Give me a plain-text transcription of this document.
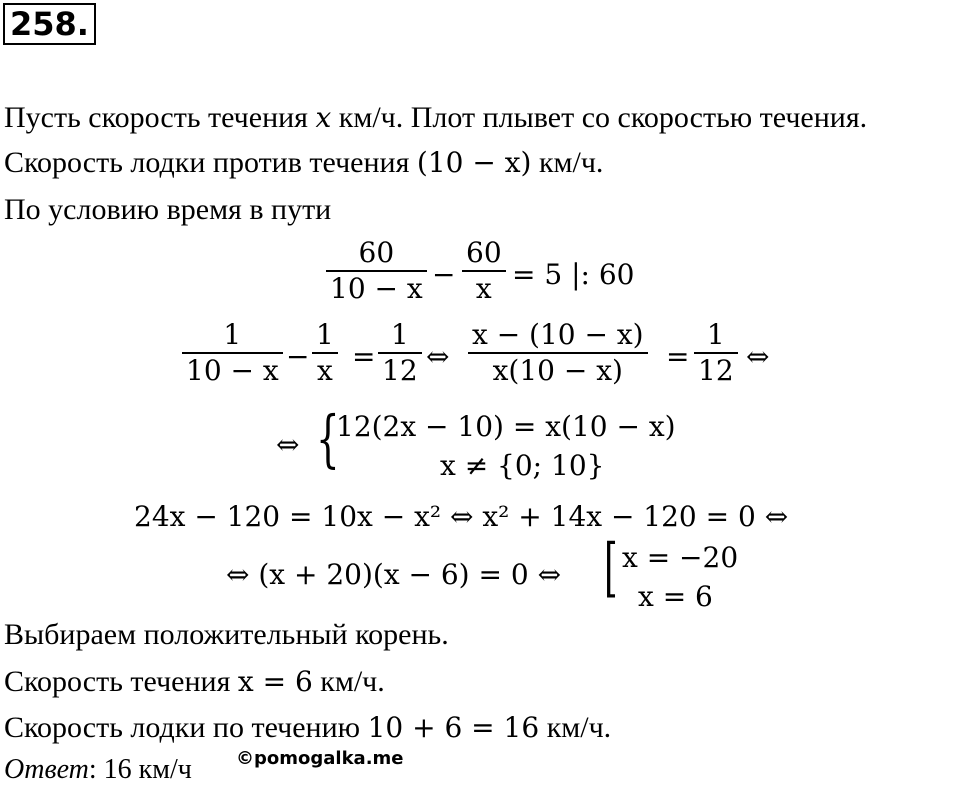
258.
Пусть скорость течения x км/ч. Плот плывет со скоростью течения.
Скорость лодки против течения (10 − x) км/ч.
По условию время в пути
60
10 − x −
60
x = 5 |: 60
1
10 − x −
1
x =
1
12 ⇔
x − (10 − x)
x(10 − x) =
1
12 ⇔
⇔ {
12(2x − 10) = x(10 − x)
x ≠ {0; 10}
24x − 120 = 10x − x² ⇔ x² + 14x − 120 = 0 ⇔
⇔ (x + 20)(x − 6) = 0 ⇔ [ x = −20
x = 6
Выбираем положительный корень.
Скорость течения x = 6 км/ч.
Скорость лодки по течению 10 + 6 = 16 км/ч.
Ответ: 16 км/ч ©pomogalka.me
